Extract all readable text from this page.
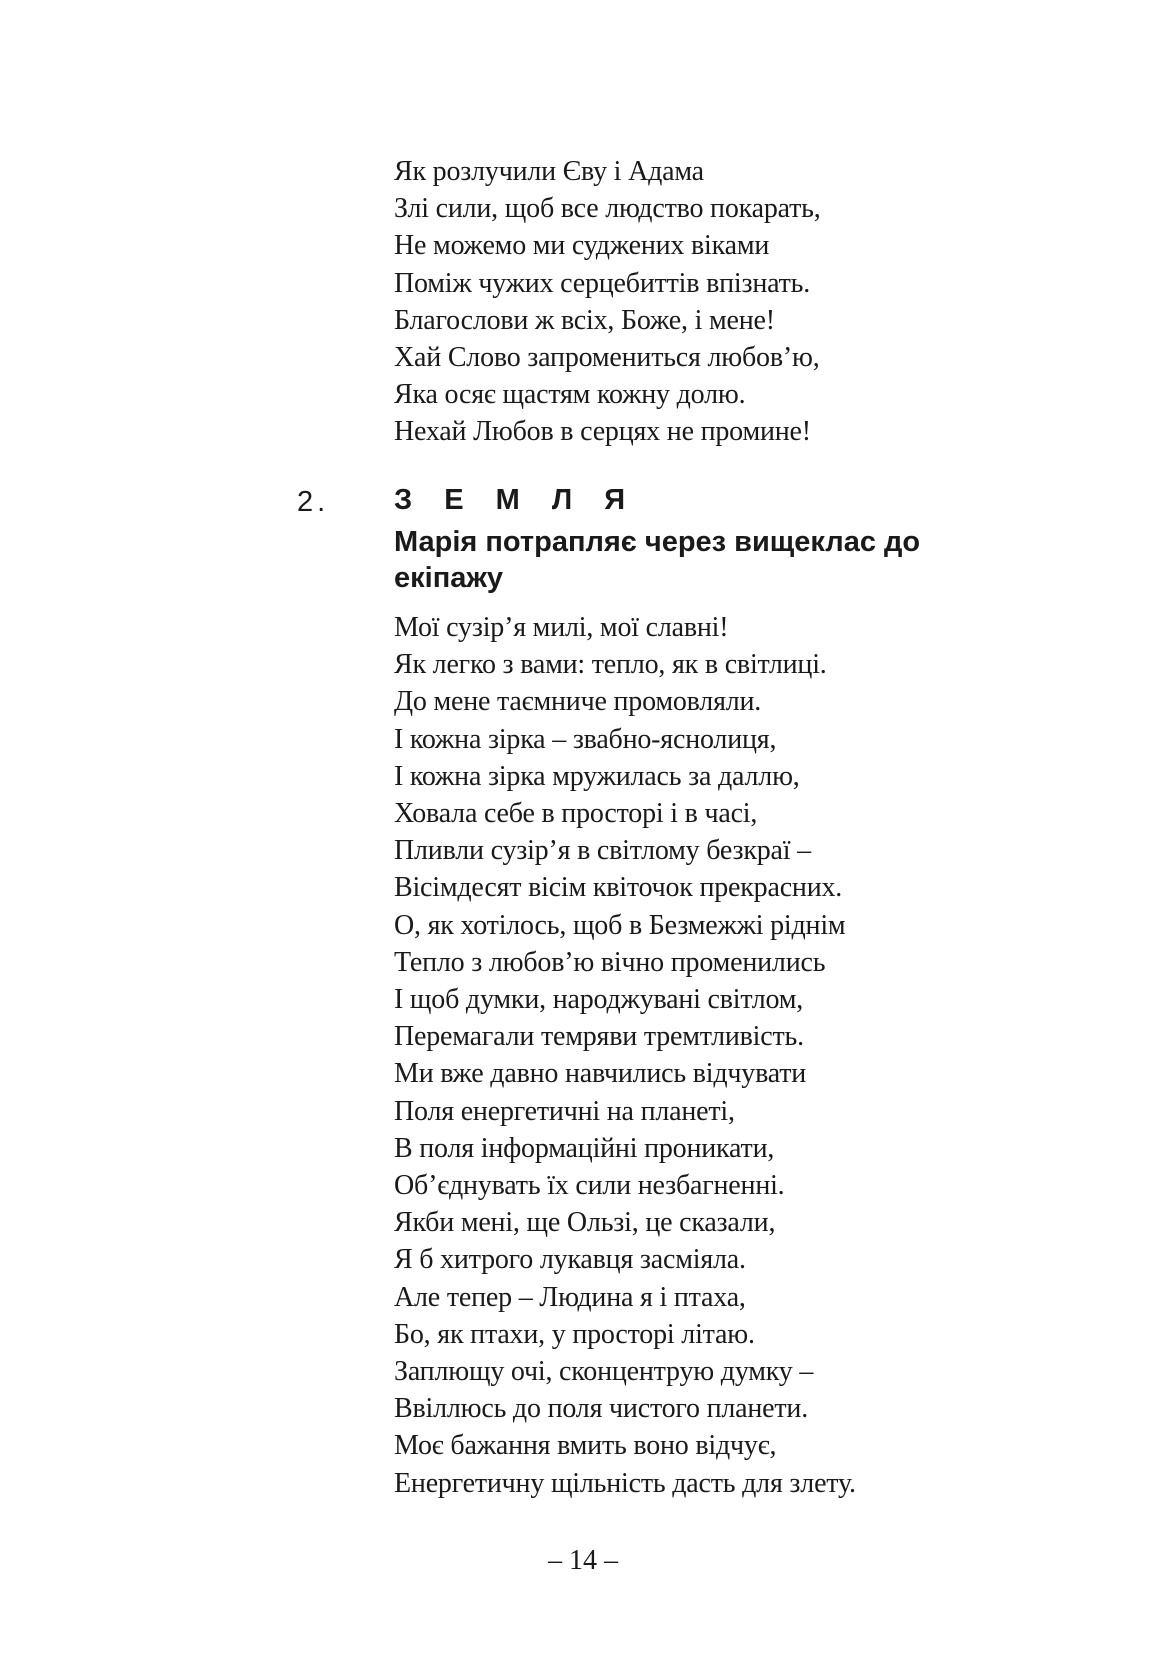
Як розлучили Єву і Адама
Злі сили, щоб все людство покарать,
Не можемо ми суджених віками
Поміж чужих серцебиттів впізнать.
Благослови ж всіх, Боже, і мене!
Хай Слово запромениться любов’ю,
Яка осяє щастям кожну долю.
Нехай Любов в серцях не промине!
2. З Е М Л Я

Марія потрапляє через вищеклас до екіпажу

Мої сузір’я милі, мої славні!
Як легко з вами: тепло, як в світлиці.
До мене таємниче промовляли.
І кожна зірка – звабно-яснолиця,
І кожна зірка мружилась за даллю,
Ховала себе в просторі і в часі,
Пливли сузір’я в світлому безкраї –
Вісімдесят вісім квіточок прекрасних.
О, як хотілось, щоб в Безмежжі ріднім
Тепло з любов’ю вічно променились
І щоб думки, народжувані світлом,
Перемагали темряви тремтливість.
Ми вже давно навчились відчувати
Поля енергетичні на планеті,
В поля інформаційні проникати,
Об’єднувать їх сили незбагненні.
Якби мені, ще Ользі, це сказали,
Я б хитрого лукавця засміяла.
Але тепер – Людина я і птаха,
Бо, як птахи, у просторі літаю.
Заплющу очі, сконцентрую думку –
Ввіллюсь до поля чистого планети.
Моє бажання вмить воно відчує,
Енергетичну щільність дасть для злету.
– 14 –
